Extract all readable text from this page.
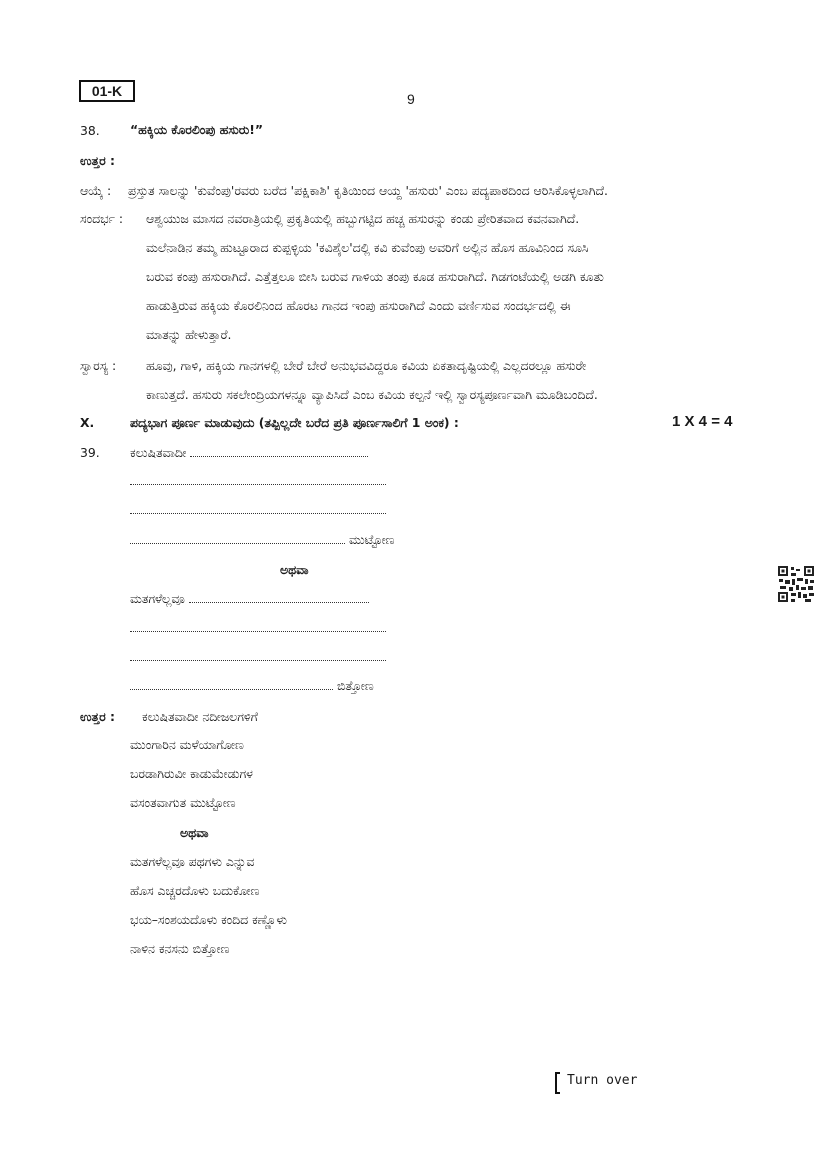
01-K	9
38. “ಹಕ್ಕಿಯ ಕೊರಲಿಂಪು ಹಸುರು!”
ಉತ್ತರ :
ಆಯ್ಕೆ : ಪ್ರಸ್ತುತ ಸಾಲನ್ನು 'ಕುವೆಂಪು'ರವರು ಬರೆದ 'ಪಕ್ಷಿಕಾಶಿ' ಕೃತಿಯಿಂದ ಆಯ್ದ 'ಹಸುರು' ಎಂಬ ಪದ್ಯಪಾಠದಿಂದ ಆರಿಸಿಕೊಳ್ಳಲಾಗಿದೆ.
ಸಂದರ್ಭ : ಆಶ್ವಯುಜ ಮಾಸದ ನವರಾತ್ರಿಯಲ್ಲಿ ಪ್ರಕೃತಿಯಲ್ಲಿ ಹಬ್ಬುಗಟ್ಟಿದ ಹಚ್ಚ ಹಸುರನ್ನು ಕಂಡು ಪ್ರೇರಿತವಾದ ಕವನವಾಗಿದೆ.
ಮಲೆನಾಡಿನ ತಮ್ಮ ಹುಟ್ಟೂರಾದ ಕುಪ್ಪಳ್ಳಿಯ 'ಕವಿಶೈಲ'ದಲ್ಲಿ ಕವಿ ಕುವೆಂಪು ಅವರಿಗೆ ಅಲ್ಲಿನ ಹೊಸ ಹೂವಿನಿಂದ ಸೂಸಿ
ಬರುವ ಕಂಪು ಹಸುರಾಗಿದೆ. ಎತ್ತೆತ್ತಲೂ ಬೀಸಿ ಬರುವ ಗಾಳಿಯ ತಂಪು ಕೂಡ ಹಸುರಾಗಿದೆ. ಗಿಡಗಂಟೆಯಲ್ಲಿ ಅಡಗಿ ಕೂತು
ಹಾಡುತ್ತಿರುವ ಹಕ್ಕಿಯ ಕೊರಲಿನಿಂದ ಹೊರಟ ಗಾನದ ಇಂಪು ಹಸುರಾಗಿದೆ ಎಂದು ವರ್ಣಿಸುವ ಸಂದರ್ಭದಲ್ಲಿ ಈ
ಮಾತನ್ನು ಹೇಳುತ್ತಾರೆ.
ಸ್ವಾರಸ್ಯ : ಹೂವು, ಗಾಳಿ, ಹಕ್ಕಿಯ ಗಾನಗಳಲ್ಲಿ ಬೇರೆ ಬೇರೆ ಅನುಭವವಿದ್ದರೂ ಕವಿಯ ಏಕತಾದೃಷ್ಟಿಯಲ್ಲಿ ಎಲ್ಲದರಲ್ಲೂ ಹಸುರೇ
ಕಾಣುತ್ತದೆ. ಹಸುರು ಸಕಲೇಂದ್ರಿಯಗಳನ್ನೂ ವ್ಯಾಪಿಸಿದೆ ಎಂಬ ಕವಿಯ ಕಲ್ಪನೆ ಇಲ್ಲಿ ಸ್ವಾರಸ್ಯಪೂರ್ಣವಾಗಿ ಮೂಡಿಬಂದಿದೆ.
X.	ಪದ್ಯಭಾಗ ಪೂರ್ಣ ಮಾಡುವುದು (ತಪ್ಪಿಲ್ಲದೇ ಬರೆದ ಪ್ರತಿ ಪೂರ್ಣಸಾಲಿಗೆ 1 ಅಂಕ) :	1 X 4 = 4
39. ಕಲುಷಿತವಾದೀ
ಮುಟ್ಟೋಣ
ಅಥವಾ
ಮತಗಳೆಲ್ಲವೂ
ಬಿತ್ತೋಣ
ಉತ್ತರ : ಕಲುಷಿತವಾದೀ ನದೀಜಲಗಳಿಗೆ
ಮುಂಗಾರಿನ ಮಳೆಯಾಗೋಣ
ಬರಡಾಗಿರುವೀ ಕಾಡುಮೇಡುಗಳ
ವಸಂತವಾಗುತ ಮುಟ್ಟೋಣ
ಅಥವಾ
ಮತಗಳೆಲ್ಲವೂ ಪಥಗಳು ಎನ್ನುವ
ಹೊಸ ಎಚ್ಚರದೊಳು ಬದುಕೋಣ
ಭಯ–ಸಂಶಯದೊಳು ಕಂದಿದ ಕಣ್ಣೊಳು
ನಾಳಿನ ಕನಸನು ಬಿತ್ತೋಣ
Turn over
